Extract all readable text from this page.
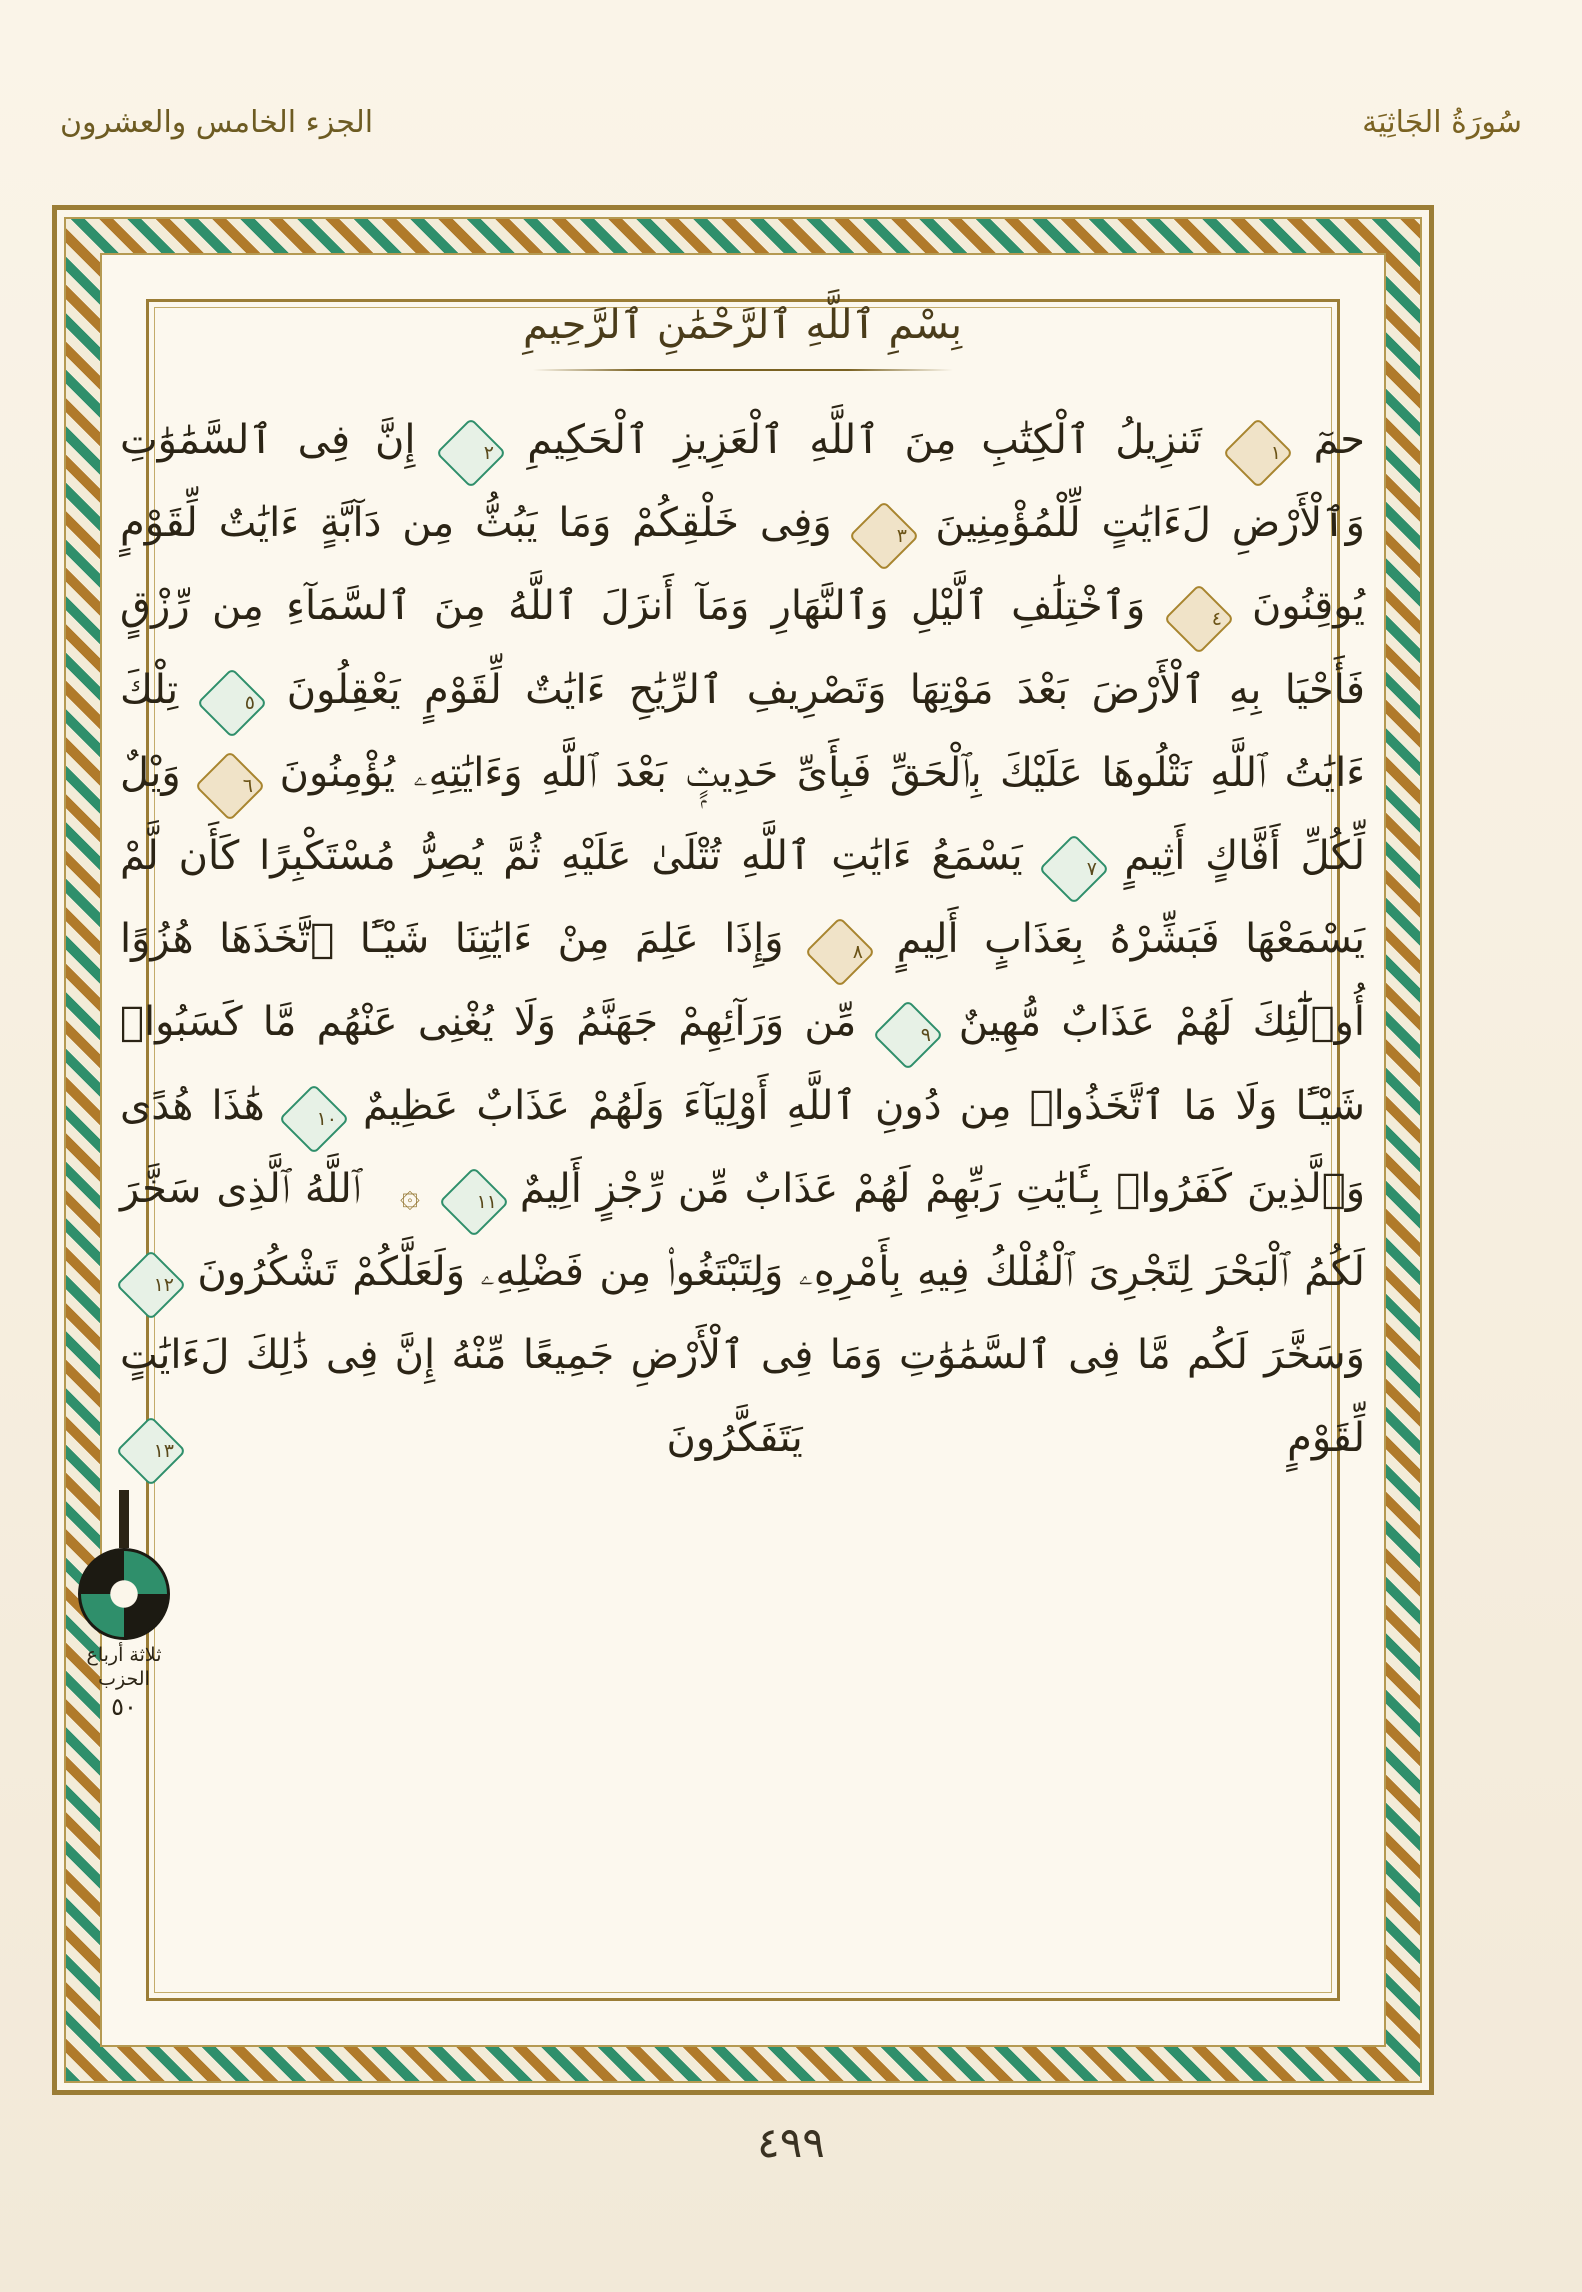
سُورَةُ الجَاثِيَة
الجزء الخامس والعشرون
بِسْمِ ٱللَّهِ ٱلرَّحْمَٰنِ ٱلرَّحِيمِ
حمٓ
١
تَنزِيلُ ٱلْكِتَٰبِ مِنَ ٱللَّهِ ٱلْعَزِيزِ ٱلْحَكِيمِ
٢
إِنَّ فِى ٱلسَّمَٰوَٰتِ وَٱلْأَرْضِ لَءَايَٰتٍ لِّلْمُؤْمِنِينَ
٣
وَفِى خَلْقِكُمْ وَمَا يَبُثُّ مِن دَآبَّةٍ ءَايَٰتٌ لِّقَوْمٍ يُوقِنُونَ
٤
وَٱخْتِلَٰفِ ٱلَّيْلِ وَٱلنَّهَارِ وَمَآ أَنزَلَ ٱللَّهُ مِنَ ٱلسَّمَآءِ مِن رِّزْقٍ فَأَحْيَا بِهِ ٱلْأَرْضَ بَعْدَ مَوْتِهَا وَتَصْرِيفِ ٱلرِّيَٰحِ ءَايَٰتٌ لِّقَوْمٍ يَعْقِلُونَ
٥
تِلْكَ ءَايَٰتُ ٱللَّهِ نَتْلُوهَا عَلَيْكَ بِٱلْحَقِّ فَبِأَىِّ حَدِيثٍۭ بَعْدَ ٱللَّهِ وَءَايَٰتِهِۦ يُؤْمِنُونَ
٦
وَيْلٌ لِّكُلِّ أَفَّاكٍ أَثِيمٍ
٧
يَسْمَعُ ءَايَٰتِ ٱللَّهِ تُتْلَىٰ عَلَيْهِ ثُمَّ يُصِرُّ مُسْتَكْبِرًا كَأَن لَّمْ يَسْمَعْهَا فَبَشِّرْهُ بِعَذَابٍ أَلِيمٍ
٨
وَإِذَا عَلِمَ مِنْ ءَايَٰتِنَا شَيْـًٔا ٱتَّخَذَهَا هُزُوًا أُو۟لَٰٓئِكَ لَهُمْ عَذَابٌ مُّهِينٌ
٩
مِّن وَرَآئِهِمْ جَهَنَّمُ وَلَا يُغْنِى عَنْهُم مَّا كَسَبُوا۟ شَيْـًٔا وَلَا مَا ٱتَّخَذُوا۟ مِن دُونِ ٱللَّهِ أَوْلِيَآءَ وَلَهُمْ عَذَابٌ عَظِيمٌ
١٠
هَٰذَا هُدًى وَٱلَّذِينَ كَفَرُوا۟ بِـَٔايَٰتِ رَبِّهِمْ لَهُمْ عَذَابٌ مِّن رِّجْزٍ أَلِيمٌ
١١
۞ ٱللَّهُ ٱلَّذِى سَخَّرَ لَكُمُ ٱلْبَحْرَ لِتَجْرِىَ ٱلْفُلْكُ فِيهِ بِأَمْرِهِۦ وَلِتَبْتَغُوا۟ مِن فَضْلِهِۦ وَلَعَلَّكُمْ تَشْكُرُونَ
١٢
وَسَخَّرَ لَكُم مَّا فِى ٱلسَّمَٰوَٰتِ وَمَا فِى ٱلْأَرْضِ جَمِيعًا مِّنْهُ إِنَّ فِى ذَٰلِكَ لَءَايَٰتٍ لِّقَوْمٍ يَتَفَكَّرُونَ
١٣
ثلاثة أرباع
الحزب
٥٠
٤٩٩
